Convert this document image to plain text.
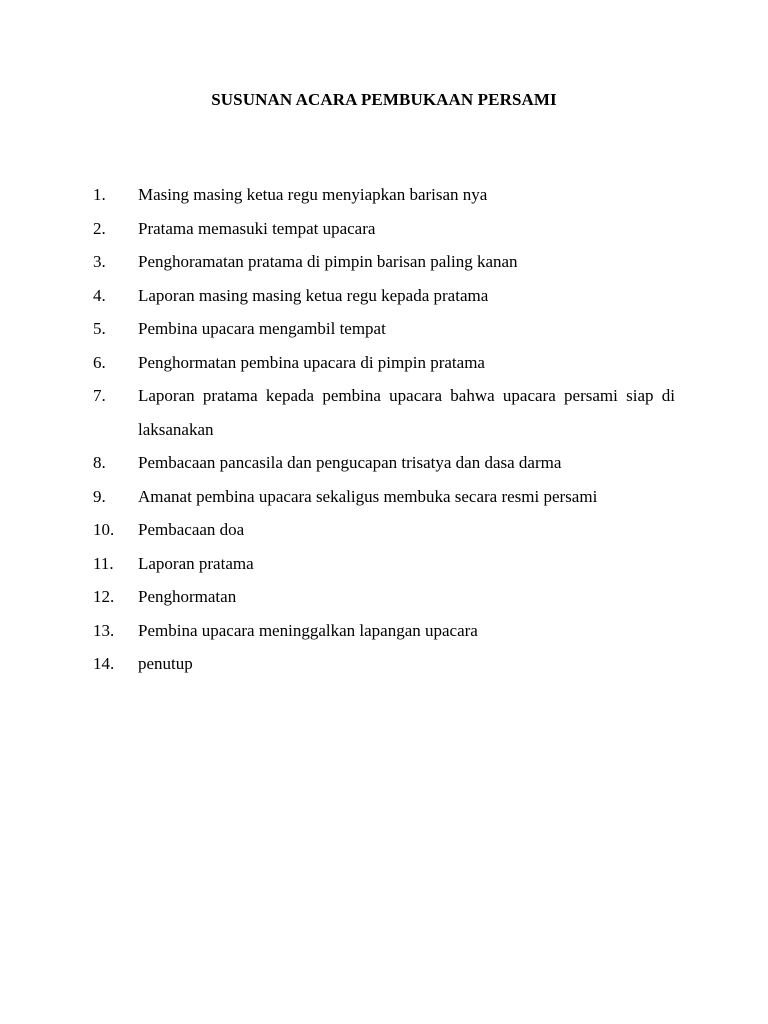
SUSUNAN ACARA PEMBUKAAN PERSAMI
1.	Masing masing ketua regu menyiapkan barisan nya
2.	Pratama memasuki tempat upacara
3.	Penghoramatan pratama di pimpin barisan paling kanan
4.	Laporan masing masing ketua regu kepada pratama
5.	Pembina upacara mengambil tempat
6.	Penghormatan pembina upacara di pimpin pratama
7.	Laporan pratama kepada pembina upacara bahwa upacara persami siap di laksanakan
8.	Pembacaan pancasila dan pengucapan trisatya dan dasa darma
9.	Amanat pembina upacara sekaligus membuka secara resmi persami
10.	Pembacaan doa
11.	Laporan pratama
12.	Penghormatan
13.	Pembina upacara meninggalkan lapangan upacara
14.	penutup
